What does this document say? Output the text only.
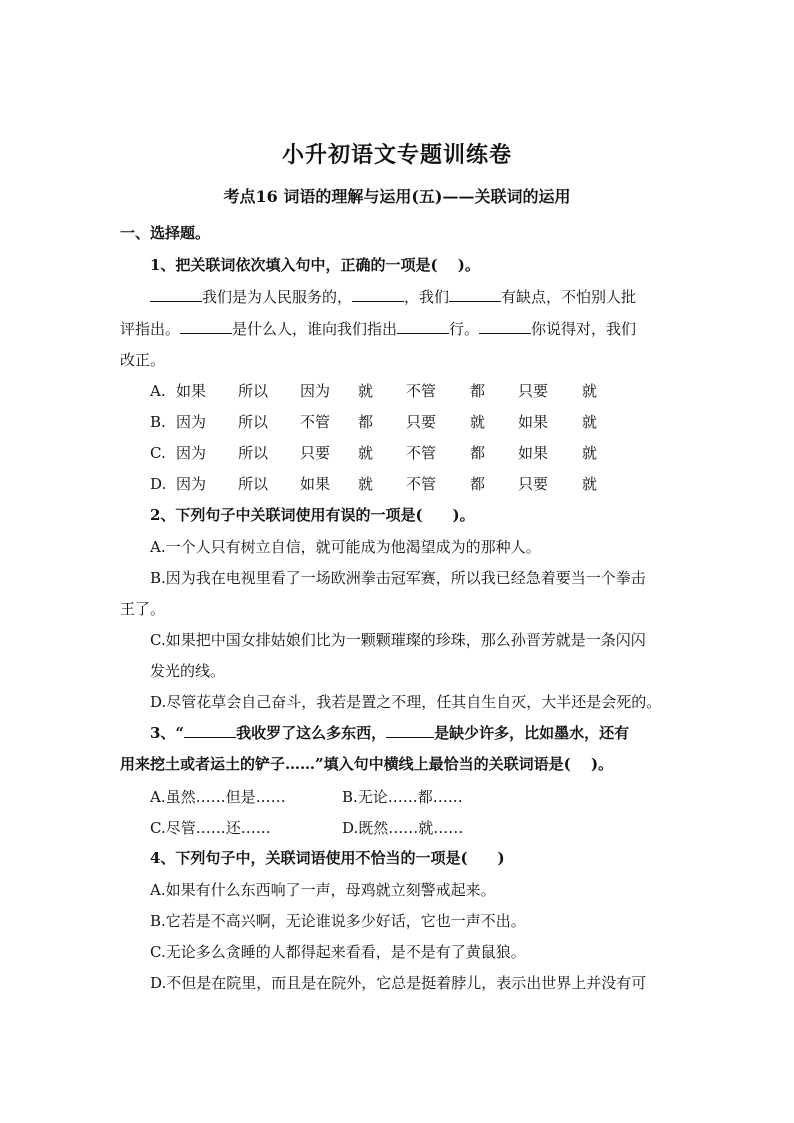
小升初语文专题训练卷
考点16 词语的理解与运用(五)——关联词的运用
一、选择题。
1、把关联词依次填入句中，正确的一项是(　 )。
我们是为人民服务的，	，我们	有缺点，不怕别人批
评指出。	是什么人，谁向我们指出	行。	你说得对，我们
改正。
A. 如果 所以 因为 就 不管 都 只要 就
B. 因为 所以 不管 都 只要 就 如果 就
C. 因为 所以 只要 就 不管 都 如果 就
D. 因为 所以 如果 就 不管 都 只要 就
2、下列句子中关联词使用有误的一项是(　　)。
A.一个人只有树立自信，就可能成为他渴望成为的那种人。
B.因为我在电视里看了一场欧洲拳击冠军赛，所以我已经急着要当一个拳击
王了。
C.如果把中国女排姑娘们比为一颗颗璀璨的珍珠，那么孙晋芳就是一条闪闪
发光的线。
D.尽管花草会自己奋斗，我若是置之不理，任其自生自灭，大半还是会死的。
3、“	我收罗了这么多东西，	是缺少许多，比如墨水，还有
用来挖土或者运土的铲子……”填入句中横线上最恰当的关联词语是(　 )。
A.虽然……但是……	B.无论……都……
C.尽管……还……	D.既然……就……
4、下列句子中，关联词语使用不恰当的一项是(　　)
A.如果有什么东西响了一声，母鸡就立刻警戒起来。
B.它若是不高兴啊，无论谁说多少好话，它也一声不出。
C.无论多么贪睡的人都得起来看看，是不是有了黄鼠狼。
D.不但是在院里，而且是在院外，它总是挺着脖儿，表示出世界上并没有可
